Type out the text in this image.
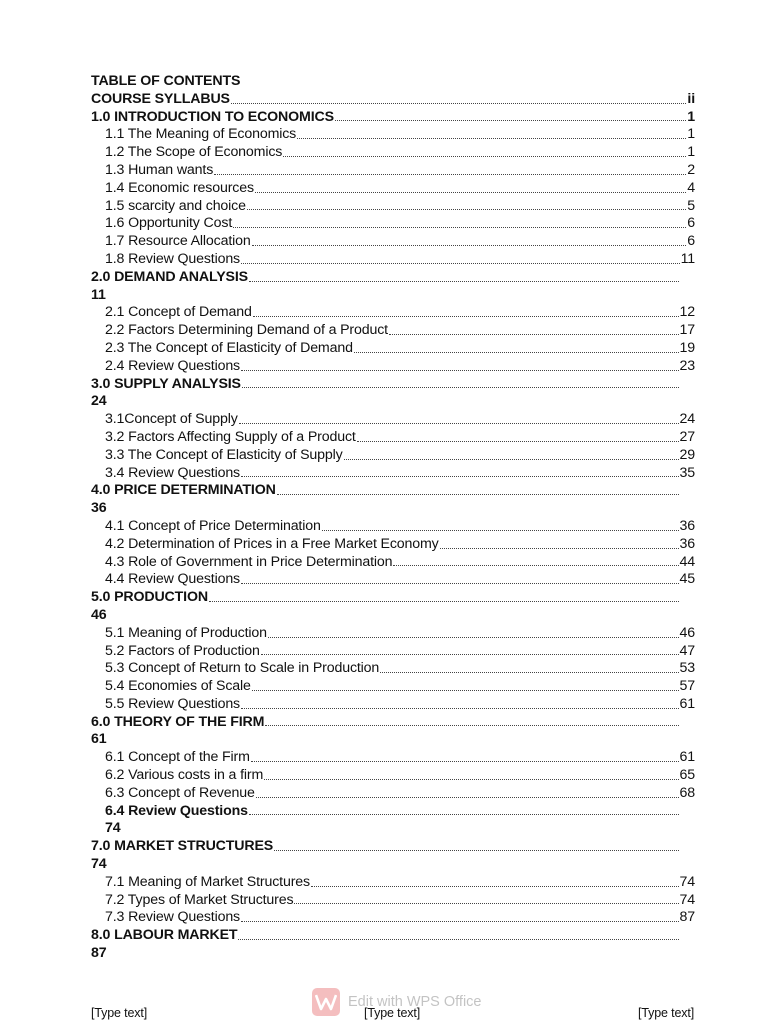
TABLE OF CONTENTS
COURSE SYLLABUS	ii
1.0 INTRODUCTION TO ECONOMICS	1
1.1 The Meaning of Economics	1
1.2 The Scope of Economics	1
1.3 Human wants	2
1.4 Economic resources	4
1.5 scarcity and choice	5
1.6 Opportunity Cost	6
1.7 Resource Allocation	6
1.8 Review Questions	11
2.0 DEMAND ANALYSIS
11
2.1 Concept of Demand	12
2.2 Factors Determining Demand of a Product	17
2.3 The Concept of Elasticity of Demand	19
2.4 Review Questions	23
3.0 SUPPLY ANALYSIS
24
3.1Concept of Supply	24
3.2 Factors Affecting Supply of a Product	27
3.3 The Concept of Elasticity of Supply	29
3.4 Review Questions	35
4.0 PRICE DETERMINATION
36
4.1 Concept of Price Determination	36
4.2 Determination of Prices in a Free Market Economy	36
4.3 Role of Government in Price Determination	44
4.4 Review Questions	45
5.0 PRODUCTION
46
5.1 Meaning of Production	46
5.2 Factors of Production	47
5.3 Concept of Return to Scale in Production	53
5.4 Economies of Scale	57
5.5 Review Questions	61
6.0 THEORY OF THE FIRM
61
6.1 Concept of the Firm	61
6.2 Various costs in a firm	65
6.3 Concept of Revenue	68
6.4 Review Questions
74
7.0 MARKET STRUCTURES
74
7.1 Meaning of Market Structures	74
7.2 Types of Market Structures	74
7.3 Review Questions	87
8.0 LABOUR MARKET
87
Edit with WPS Office
[Type text]	[Type text]	[Type text]
